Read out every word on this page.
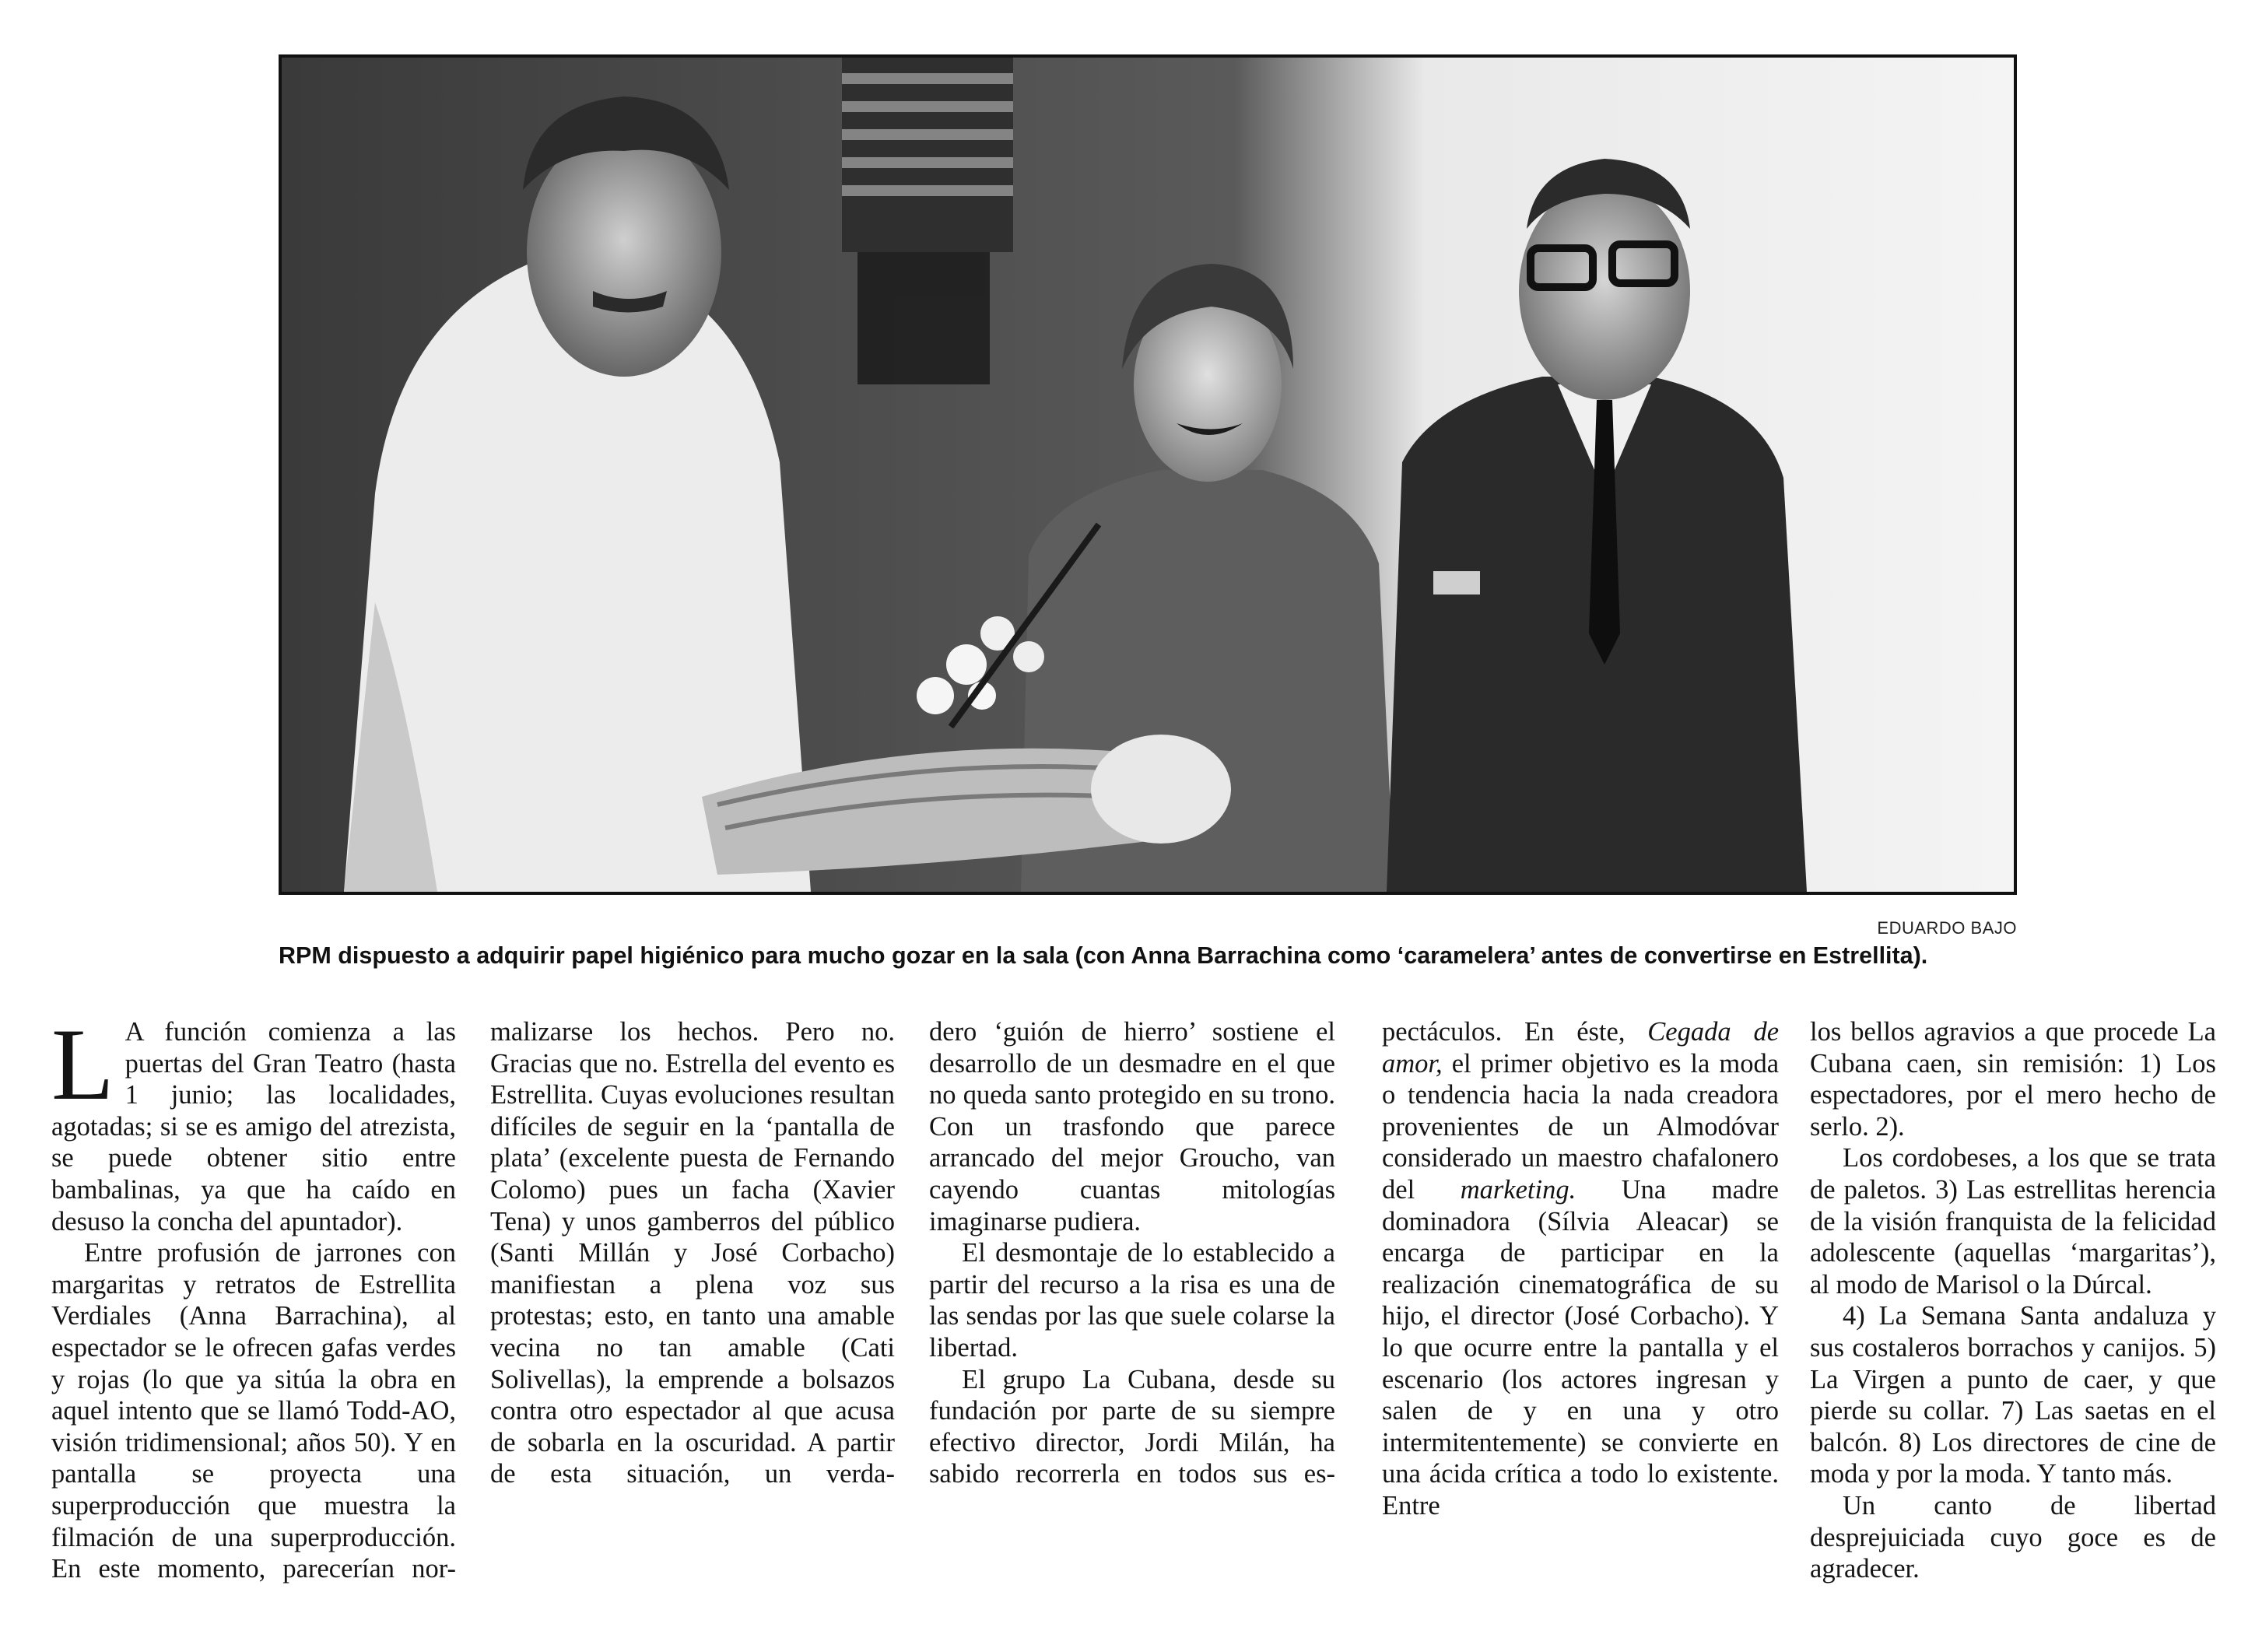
EDUARDO BAJO
RPM dispuesto a adquirir papel higiénico para mucho gozar en la sala (con Anna Barrachina como ‘caramelera’ antes de convertirse en Estrellita).

L A función comienza a las puertas del Gran Teatro (hasta 1 junio; las localidades, agotadas; si se es amigo del atrezista, se puede obtener sitio entre bambalinas, ya que ha caído en desuso la concha del apuntador).

Entre profusión de jarrones con margaritas y retratos de Estrellita Verdiales (Anna Barrachina), al espectador se le ofrecen gafas verdes y rojas (lo que ya sitúa la obra en aquel intento que se llamó Todd-AO, visión tridimensional; años 50). Y en pantalla se proyecta una superproducción que muestra la filmación de una superproducción. En este momento, parecerían nor-

malizarse los hechos. Pero no. Gracias que no. Estrella del evento es Estrellita. Cuyas evoluciones resultan difíciles de seguir en la ‘pantalla de plata’ (excelente puesta de Fernando Colomo) pues un facha (Xavier Tena) y unos gamberros del público (Santi Millán y José Corbacho) manifiestan a plena voz sus protestas; esto, en tanto una amable vecina no tan amable (Cati Solivellas), la emprende a bolsazos contra otro espectador al que acusa de sobarla en la oscuridad. A partir de esta situación, un verda-

dero ‘guión de hierro’ sostiene el desarrollo de un desmadre en el que no queda santo protegido en su trono. Con un trasfondo que parece arrancado del mejor Groucho, van cayendo cuantas mitologías imaginarse pudiera.

El desmontaje de lo establecido a partir del recurso a la risa es una de las sendas por las que suele colarse la libertad.

El grupo La Cubana, desde su fundación por parte de su siempre efectivo director, Jordi Milán, ha sabido recorrerla en todos sus es-

pectáculos. En éste, Cegada de amor, el primer objetivo es la moda o tendencia hacia la nada creadora provenientes de un Almodóvar considerado un maestro chafalonero del marketing. Una madre dominadora (Sílvia Aleacar) se encarga de participar en la realización cinematográfica de su hijo, el director (José Corbacho). Y lo que ocurre entre la pantalla y el escenario (los actores ingresan y salen de y en una y otro intermitentemente) se convierte en una ácida crítica a todo lo existente. Entre

los bellos agravios a que procede La Cubana caen, sin remisión: 1) Los espectadores, por el mero hecho de serlo. 2).

Los cordobeses, a los que se trata de paletos. 3) Las estrellitas herencia de la visión franquista de la felicidad adolescente (aquellas ‘margaritas’), al modo de Marisol o la Dúrcal.

4) La Semana Santa andaluza y sus costaleros borrachos y canijos. 5) La Virgen a punto de caer, y que pierde su collar. 7) Las saetas en el balcón. 8) Los directores de cine de moda y por la moda. Y tanto más.

Un canto de libertad desprejuiciada cuyo goce es de agradecer.
